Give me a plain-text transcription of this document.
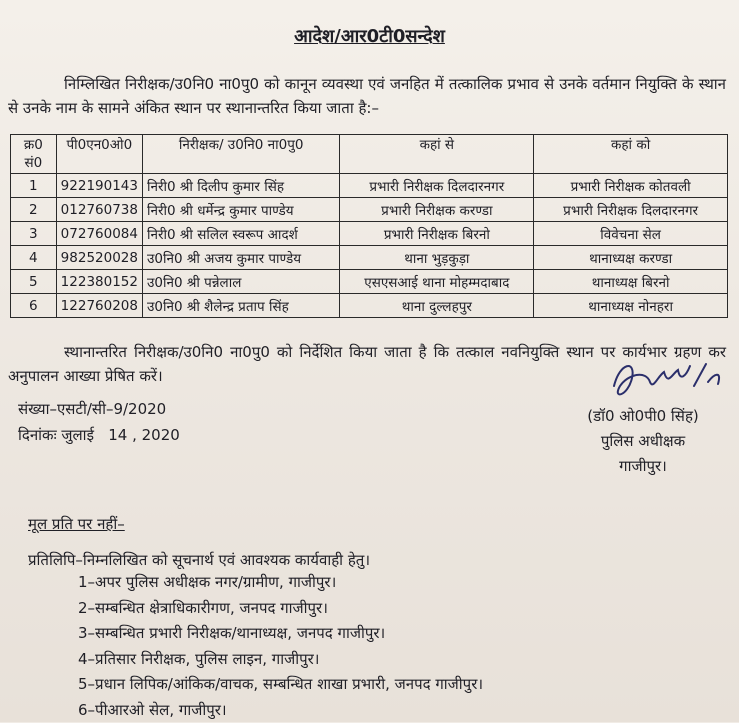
आदेश/आर0टी0सन्देश
निम्लिखित निरीक्षक/उ0नि0 ना0पु0 को कानून व्यवस्था एवं जनहित में तत्कालिक प्रभाव से उनके वर्तमान नियुक्ति के स्थान से उनके नाम के सामने अंकित स्थान पर स्थानान्तरित किया जाता है:–
क्र0 सं0	पी0एन0ओ0	निरीक्षक/ उ0नि0 ना0पु0	कहां से	कहां को
1	922190143	निरी0 श्री दिलीप कुमार सिंह	प्रभारी निरीक्षक दिलदारनगर	प्रभारी निरीक्षक कोतवली
2	012760738	निरी0 श्री धर्मेन्द्र कुमार पाण्डेय	प्रभारी निरीक्षक करण्डा	प्रभारी निरीक्षक दिलदारनगर
3	072760084	निरी0 श्री सलिल स्वरूप आदर्श	प्रभारी निरीक्षक बिरनो	विवेचना सेल
4	982520028	उ0नि0 श्री अजय कुमार पाण्डेय	थाना भुड़कुड़ा	थानाध्यक्ष करण्डा
5	122380152	उ0नि0 श्री पन्नेलाल	एसएसआई थाना मोहम्मदाबाद	थानाध्यक्ष बिरनो
6	122760208	उ0नि0 श्री शैलेन्द्र प्रताप सिंह	थाना दुल्लहपुर	थानाध्यक्ष नोनहरा
स्थानान्तरित निरीक्षक/उ0नि0 ना0पु0 को निर्देशित किया जाता है कि तत्काल नवनियुक्ति स्थान पर कार्यभार ग्रहण कर अनुपालन आख्या प्रेषित करें।
संख्या–एसटी/सी–9/2020
दिनांकः जुलाई   14 , 2020
(डॉ0 ओ0पी0 सिंह)
पुलिस अधीक्षक
गाजीपुर।
मूल प्रति पर नहीं–
प्रतिलिपि–निम्नलिखित को सूचनार्थ एवं आवश्यक कार्यवाही हेतु।
1–अपर पुलिस अधीक्षक नगर/ग्रामीण, गाजीपुर।
2–सम्बन्धित क्षेत्राधिकारीगण, जनपद गाजीपुर।
3–सम्बन्धित प्रभारी निरीक्षक/थानाध्यक्ष, जनपद गाजीपुर।
4–प्रतिसार निरीक्षक, पुलिस लाइन, गाजीपुर।
5–प्रधान लिपिक/आंकिक/वाचक, सम्बन्धित शाखा प्रभारी, जनपद गाजीपुर।
6–पीआरओ सेल, गाजीपुर।
